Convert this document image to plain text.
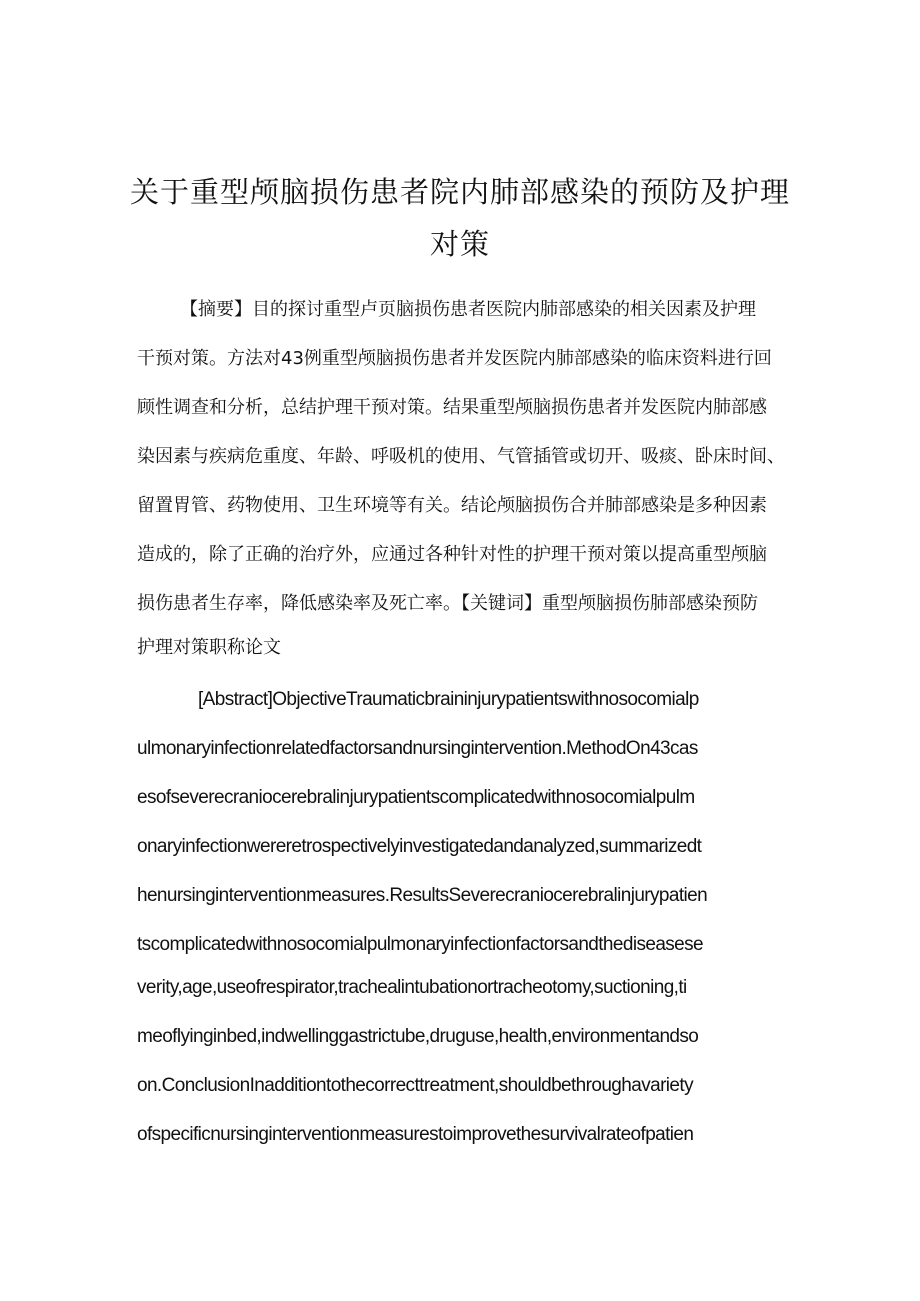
关于重型颅脑损伤患者院内肺部感染的预防及护理
对策
【摘要】目的探讨重型卢页脑损伤患者医院内肺部感染的相关因素及护理
干预对策。方法对43例重型颅脑损伤患者并发医院内肺部感染的临床资料进行回
顾性调查和分析，总结护理干预对策。结果重型颅脑损伤患者并发医院内肺部感
染因素与疾病危重度、年龄、呼吸机的使用、气管插管或切开、吸痰、卧床时间、
留置胃管、药物使用、卫生环境等有关。结论颅脑损伤合并肺部感染是多种因素
造成的，除了正确的治疗外，应通过各种针对性的护理干预对策以提高重型颅脑
损伤患者生存率，降低感染率及死亡率。【关键词】重型颅脑损伤肺部感染预防
护理对策职称论文
[Abstract]ObjectiveTraumaticbraininjurypatientswithnosocomialp
ulmonaryinfectionrelatedfactorsandnursingintervention.MethodOn43cas
esofseverecraniocerebralinjurypatientscomplicatedwithnosocomialpulm
onaryinfectionwereretrospectivelyinvestigatedandanalyzed,summarizedt
henursinginterventionmeasures.ResultsSeverecraniocerebralinjurypatien
tscomplicatedwithnosocomialpulmonaryinfectionfactorsandthediseasese
verity,age,useofrespirator,trachealintubationortracheotomy,suctioning,ti
meoflyinginbed,indwellinggastrictube,druguse,health,environmentandso
on.ConclusionInadditiontothecorrecttreatment,shouldbethroughavariety
ofspecificnursinginterventionmeasurestoimprovethesurvivalrateofpatien
